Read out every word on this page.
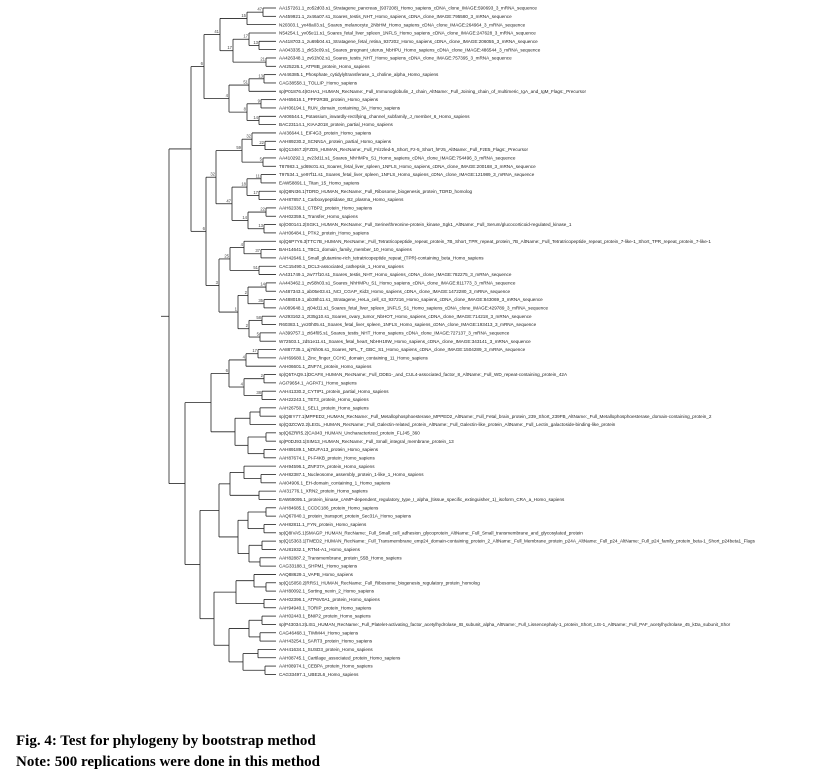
AA157261.1_zo52d03.s1_Stratagene_pancreas_(937208)_Homo_sapiens_cDNA_clone_IMAGE:590693_3_mRNA_sequence
AA459921.1_zx46a07.s1_Soares_testis_NHT_Homo_sapiens_cDNA_clone_IMAGE:795580_3_mRNA_sequence
N20303.1_yx48a03.s1_Soares_melanocyte_2NbHM_Homo_sapiens_cDNA_clone_IMAGE:264964_3_mRNA_sequence
N54254.1_yv05e11.s1_Soares_fetal_liver_spleen_1NFLS_Homo_sapiens_cDNA_clone_IMAGE:247628_3_mRNA_sequence
AA418703.1_zu69b04.s1_Stratagene_fetal_retina_937202_Homo_sapiens_cDNA_clone_IMAGE:206055_3_mRNA_sequence
AA043335.1_zk53c09.s1_Soares_pregnant_uterus_NbHPU_Homo_sapiens_cDNA_clone_IMAGE:486544_3_mRNA_sequence
AA426348.1_zv61h02.s1_Soares_testis_NHT_Homo_sapiens_cDNA_clone_IMAGE:757395_3_mRNA_sequence
AAI25226.1_ATP8B_protein_Homo_sapiens
AAI46385.1_Phosphate_cytidylyltransferase_1_choline_alpha_Homo_sapiens
CAG38558.1_TOLLIP_Homo_sapiens
sp|P01876.4|IGHA1_HUMAN_RecName:_Full_Immunoglobulin_J_chain_AltName:_Full_Joining_chain_of_multimeric_IgA_and_IgM_Flags:_Precursor
AAH65616.1_PPP2R3B_protein_Homo_sapiens
AAH06194.1_RUN_domain_containing_3A_Homo_sapiens
AAI06544.1_Potassium_inwardly-rectifying_channel_subfamily_J_member_6_Homo_sapiens
BAC23114.1_KIAA2018_protein_partial_Homo_sapiens
AAI36644.1_EIF4G3_protein_Homo_sapiens
AAH89230.2_SCNN1A_protein_partial_Homo_sapiens
sp|Q13467.2|FZD5_HUMAN_RecName:_Full_Frizzled-5_Short_Fz-5_Short_hFz5_AltName:_Full_FzE5_Flags:_Precursor
AA410292.1_zv23d11.s1_Soares_NhHMPu_S1_Homo_sapiens_cDNA_clone_IMAGE:754496_3_mRNA_sequence
T87983.1_yd69c01.s1_Soares_fetal_liver_spleen_1NFLS_Homo_sapiens_cDNA_clone_IMAGE:200168_3_mRNA_sequence
T97534.1_ye97f11.s1_Soares_fetal_liver_spleen_1NFLS_Homo_sapiens_cDNA_clone_IMAGE:121989_3_mRNA_sequence
EAW58891.1_Titan_15_Homo_sapiens
sp|Q8NI36.1|TDRD_HUMAN_RecName:_Full_Ribosome_biogenesis_protein_TDRD_homolog
AAH87857.1_Carboxypeptidase_B2_plasma_Homo_sapiens
AAH62336.1_CTBP2_protein_Homo_sapiens
AAH02359.1_Transfer_Homo_sapiens
sp|O00141.2|SGK1_HUMAN_RecName:_Full_Serine/threonine-protein_kinase_Sgk1_AltName:_Full_Serum/glucocorticoid-regulated_kinase_1
AAH06484.1_PTK2_protein_Homo_sapiens
sp|Q6P7Y6.3|TTC7B_HUMAN_RecName:_Full_Tetratricopeptide_repeat_protein_7B_Short_TPR_repeat_protein_7B_AltName:_Full_Tetratricopeptide_repeat_protein_7-like-1_Short_TPR_repeat_protein_7-like-1
BAH14641.1_TBC1_domain_family_member_10_Homo_sapiens
AAH42646.1_Small_glutamine-rich_tetratricopeptide_repeat_(TPR)-containing_beta_Homo_sapiens
CAC15490.1_DCL3-associated_cathepsin_1_Homo_sapiens
AA431749.1_zw77f10.s1_Soares_testis_NHT_Homo_sapiens_cDNA_clone_IMAGE:782275_3_mRNA_sequence
AA443462.1_zv58h03.s1_Soares_NhHMPu_S1_Homo_sapiens_cDNA_clone_IMAGE:811773_3_mRNA_sequence
AA487343.1_ab05e03.s1_NCI_CGAP_Kid3_Homo_sapiens_cDNA_clone_IMAGE:1472280_3_mRNA_sequence
AA488019.1_ab38h11.s1_Stratagene_HeLa_cell_s3_937216_Homo_sapiens_cDNA_clone_IMAGE:843069_3_mRNA_sequence
AA089648.1_zj04d11.s1_Soares_fetal_liver_spleen_1NFLS_S1_Homo_sapiens_cDNA_clone_IMAGE:429789_3_mRNA_sequence
AA293162.1_zt35g10.s1_Soares_ovary_tumor_NbHOT_Homo_sapiens_cDNA_clone_IMAGE:714218_3_mRNA_sequence
R60383.1_yv20h05.s1_Soares_fetal_liver_spleen_1NFLS_Homo_sapiens_cDNA_clone_IMAGE:193413_3_mRNA_sequence
AA399757.1_zt64f05.s1_Soares_testis_NHT_Homo_sapiens_cDNA_clone_IMAGE:727137_3_mRNA_sequence
W72503.1_zd51e11.s1_Soares_fetal_heart_NbHH19W_Homo_sapiens_cDNA_clone_IMAGE:343141_3_mRNA_sequence
AA887735.1_aj76h06.s1_Soares_NFL_T_GBC_S1_Homo_sapiens_cDNA_clone_IMAGE:1504289_3_mRNA_sequence
AAH69680.1_Zinc_finger_CCHC_domain_containing_11_Homo_sapiens
AAH06601.1_ZNF74_protein_Homo_sapiens
sp|Q5TAQ9.1|DCAF8_HUMAN_RecName:_Full_DDB1-_and_CUL4-associated_factor_8_AltName:_Full_WD_repeat-containing_protein_42A
AGI79654.1_AGPAT1_Homo_sapiens
AAH41330.2_CYTIP1_protein_partial_Homo_sapiens
AAH22243.1_TET3_protein_Homo_sapiens
AAH26750.1_SEL1_protein_Homo_sapiens
sp|Q8IY77.1|MPPED2_HUMAN_RecName:_Full_Metallophosphoesterase_MPPED2_AltName:_Full_Fetal_brain_protein_239_Short_239FB_AltName:_Full_Metallophosphoesterase_domain-containing_protein_2
sp|Q3ZCW2.2|LEGL_HUMAN_RecName:_Full_Galectin-related_protein_AltName:_Full_Galectin-like_protein_AltName:_Full_Lectin_galactoside-binding-like_protein
sp|Q6ZRR5.2|CA043_HUMAN_Uncharacterized_protein_FLJ45_360
sp|P0DJ93.1|SIM13_HUMAN_RecName:_Full_Small_integral_membrane_protein_13
AAH89189.1_NDUFA13_protein_Homo_sapiens
AAH87674.1_PI-F4KB_protein_Homo_sapiens
AAH94596.1_ZNF37A_protein_Homo_sapiens
AAH82387.1_Nucleosome_assembly_protein_1-like_1_Homo_sapiens
AAI04906.1_EH-domain_containing_1_Homo_sapiens
AAI31776.1_XRN2_protein_Homo_sapiens
EAW69095.1_protein_kinase_cAMP-dependent_regulatory_type_I_alpha_(tissue_specific_extinguisher_1)_isoform_CRA_a_Homo_sapiens
AAH84685.1_CCDC186_protein_Homo_sapiens
AAQ67040.1_protein_transport_protein_Sec31A_Homo_sapiens
AAH82811.1_FYN_protein_Homo_sapiens
sp|Q8IVA5.1|SMAGP_HUMAN_RecName:_Full_Small_cell_adhesion_glycoprotein_AltName:_Full_Small_transmembrane_and_glycosylated_protein
sp|Q15363.1|TMED2_HUMAN_RecName:_Full_Transmembrane_emp24_domain-containing_protein_2_AltName:_Full_Membrane_protein_p24A_AltName:_Full_p24_AltName:_Full_p24_family_protein_beta-1_Short_p24beta1_Flags
AAU81932.1_RTN4-A1_Homo_sapiens
AAH82887.2_Transmembrane_protein_55B_Homo_sapiens
CAG33188.1_SHPM1_Homo_sapiens
AAQ88629.1_VAPB_Homo_sapiens
sp|Q15050.2|RRS1_HUMAN_RecName:_Full_Ribosome_biogenesis_regulatory_protein_homolog
AAH80092.1_Sorting_nexin_2_Homo_sapiens
AAH02396.1_ATP6V0A1_protein_Homo_sapiens
AAH94940.1_TORIP_protein_Homo_sapiens
AAH02443.1_BNIP2_protein_Homo_sapiens
sp|P43034.2|LIS1_HUMAN_RecName:_Full_Platelet-activating_factor_acetylhydrolase_IB_subunit_alpha_AltName:_Full_Lissencephaly-1_protein_Short_LIS-1_AltName:_Full_PAF_acetylhydrolase_45_kDa_subunit_Shor
CAG46468.1_TIMM44_Homo_sapiens
AAH43254.1_SART3_protein_Homo_sapiens
AAH41634.1_SUSD3_protein_Homo_sapiens
AAH08745.1_Cartilage_associated_protein_Homo_sapiens
AAH08974.1_CEBPA_protein_Homo_sapiens
CAG33497.1_UBE2L6_Homo_sapiens
47
15
13
17
21
17
41
13
51
9
14
8
4
6
22
32
5
59
11
17
18
22
13
14
47
32
37
4
51
25
14
35
2
58
5
2
1
3
6
17
4
2
38
4
6
Fig. 4: Test for phylogeny by bootstrap method
Note: 500 replications were done in this method
